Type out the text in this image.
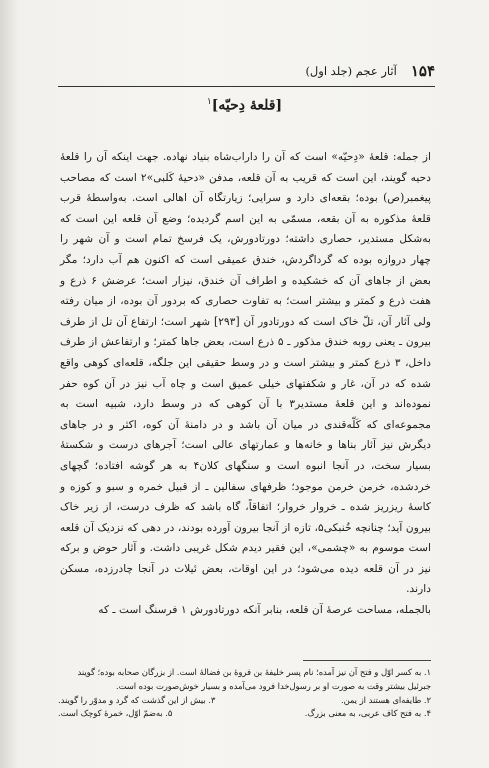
۱۵۴
آثار عجم (جلد اول)
[قلعۀ دِحیّه]$^۱$

از جمله: قلعۀ «دِحیّه» است که آن را داراب‌شاه بنیاد نهاده. جهت اینکه آن را قلعۀ دحیه گویند، این است که قریب به آن قلعه، مدفن «دحیۀ کَلبی»۲ است که مصاحب پیغمبر(ص) بوده؛ بقعه‌ای دارد و سرایی؛ زیارتگاه آن اهالی است. به‌واسطۀ قرب قلعۀ مذکوره به آن بقعه، مسمّی به این اسم گردیده؛ وضع آن قلعه این است که به‌شکل مستدیر، حصاری داشته؛ دورتادورش، یک فرسخ تمام است و آن شهر را چهار دروازه بوده که گرداگردش، خندق عمیقی است که اکنون هم آب دارد؛ مگر بعض از جاهای آن که خشکیده و اطراف آن خندق، نیزار است؛ عرضش ۶ ذرع و هفت ذرع و کمتر و بیشتر است؛ به تفاوت حصاری که بردور آن بوده، از میان رفته ولی آثار آن، تلّ خاک است که دورتادور آن [۲۹۳] شهر است؛ ارتفاع آن تل از طرف بیرون ـ یعنی روبه خندق مذکور ـ ۵ ذرع است، بعض جاها کمتر؛ و ارتفاعش از طرف داخل، ۳ ذرع کمتر و بیشتر است و در وسط حقیقی این جلگه، قلعه‌ای کوهی واقع شده که در آن، غار و شکفتهای خیلی عمیق است و چاه آب نیز در آن کوه حفر نموده‌اند و این قلعۀ مستدیر۳ با آن کوهی که در وسط دارد، شبیه است به مجموعه‌ای که کَلّه‌قندی در میان آن باشد و در دامنۀ آن کوه، اکثر و در جاهای دیگرش نیز آثار بناها و خانه‌ها و عمارتهای عالی است؛ آجرهای درست و شکستۀ بسیار سخت، در آنجا انبوه است و سنگهای کلان۴ به هر گوشه افتاده؛ گچهای خردشده، خرمن خرمن موجود؛ ظرفهای سفالین ـ از قبیل خمره و سبو و کوزه و کاسۀ ریزریز شده ـ خروار خروار؛ اتفاقاً، گاه باشد که ظرف درست، از زیر خاک بیرون آید؛ چنانچه خُنبکی۵، تازه از آنجا بیرون آورده بودند، در دهی که نزدیک آن قلعه است موسوم به «چشمی»، این فقیر دیدم شکل غریبی داشت. و آثار حوض و برکه نیز در آن قلعه دیده می‌شود؛ در این اوقات، بعض ئیلات در آنجا چادرزده، مسکن دارند.

بالجمله، مساحت عرصۀ آن قلعه، بنابر آنکه دورتادورش ۱ فرسنگ است ـ که

۱. به کسر اوّل و فتح آن نیز آمده؛ نام پسر خلیفۀ بن فروۀ بن فضالۀ است. از بزرگان صحابه بوده؛ گویند
جبرئیل بیشتر وقت به صورت او بر رسول‌خدا فرود می‌آمده و بسیار خوش‌صورت بوده است.
۲. طایفه‌ای هستند از یمن.
۳. بیش از این گذشت که گرد و مدوّر را گویند.
۴. به فتح کاف عربی، به معنی بزرگ.
۵. به‌ضمّ اوّل، خمرۀ کوچک است.
